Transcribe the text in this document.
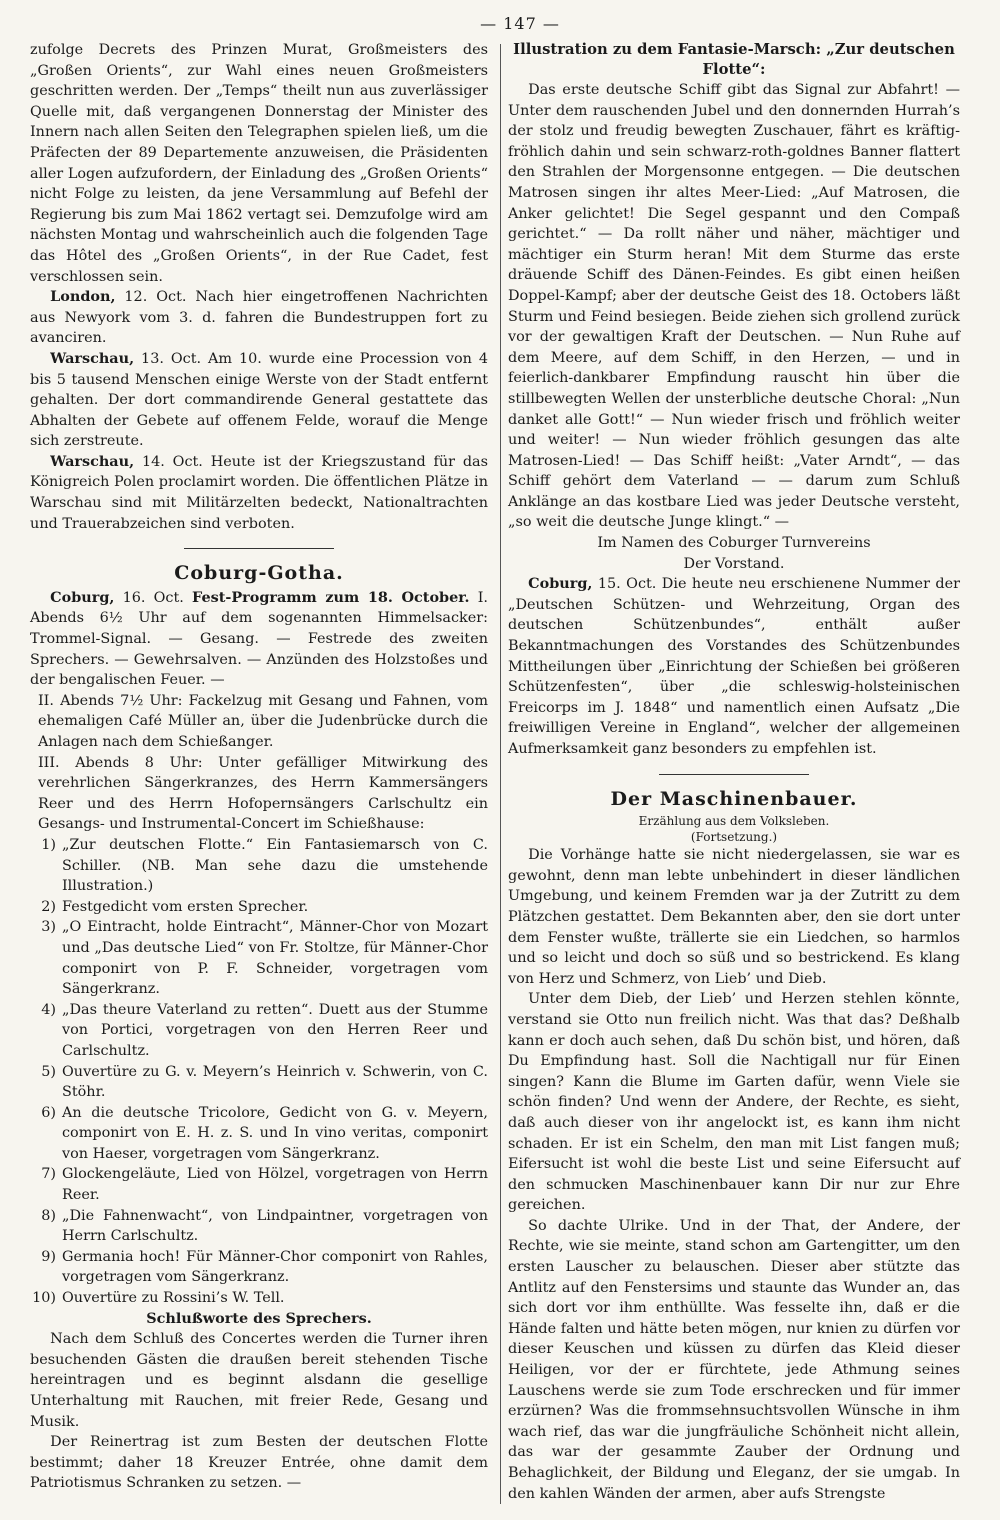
— 147 —

zufolge Decrets des Prinzen Murat, Großmeisters des „Großen Orients“, zur Wahl eines neuen Großmeisters geschritten werden. Der „Temps“ theilt nun aus zuverlässiger Quelle mit, daß vergangenen Donnerstag der Minister des Innern nach allen Seiten den Telegraphen spielen ließ, um die Präfecten der 89 Departemente anzuweisen, die Präsidenten aller Logen aufzufordern, der Einladung des „Großen Orients“ nicht Folge zu leisten, da jene Versammlung auf Befehl der Regierung bis zum Mai 1862 vertagt sei. Demzufolge wird am nächsten Montag und wahrscheinlich auch die folgenden Tage das Hôtel des „Großen Orients“, in der Rue Cadet, fest verschlossen sein.

London, 12. Oct. Nach hier eingetroffenen Nachrichten aus Newyork vom 3. d. fahren die Bundestruppen fort zu avanciren.

Warschau, 13. Oct. Am 10. wurde eine Procession von 4 bis 5 tausend Menschen einige Werste von der Stadt entfernt gehalten. Der dort commandirende General gestattete das Abhalten der Gebete auf offenem Felde, worauf die Menge sich zerstreute.

Warschau, 14. Oct. Heute ist der Kriegszustand für das Königreich Polen proclamirt worden. Die öffentlichen Plätze in Warschau sind mit Militärzelten bedeckt, Nationaltrachten und Trauerabzeichen sind verboten.

Coburg-Gotha.

Coburg, 16. Oct. Fest-Programm zum 18. October. I. Abends 6½ Uhr auf dem sogenannten Himmelsacker: Trommel-Signal. — Gesang. — Festrede des zweiten Sprechers. — Gewehrsalven. — Anzünden des Holzstoßes und der bengalischen Feuer. —

II. Abends 7½ Uhr: Fackelzug mit Gesang und Fahnen, vom ehemaligen Café Müller an, über die Judenbrücke durch die Anlagen nach dem Schießanger.

III. Abends 8 Uhr: Unter gefälliger Mitwirkung des verehrlichen Sängerkranzes, des Herrn Kammersängers Reer und des Herrn Hofopernsängers Carlschultz ein Gesangs- und Instrumental-Concert im Schießhause:

1) „Zur deutschen Flotte.“ Ein Fantasiemarsch von C. Schiller. (NB. Man sehe dazu die umstehende Illustration.)
2) Festgedicht vom ersten Sprecher.
3) „O Eintracht, holde Eintracht“, Männer-Chor von Mozart und „Das deutsche Lied“ von Fr. Stoltze, für Männer-Chor componirt von P. F. Schneider, vorgetragen vom Sängerkranz.
4) „Das theure Vaterland zu retten“. Duett aus der Stumme von Portici, vorgetragen von den Herren Reer und Carlschultz.
5) Ouvertüre zu G. v. Meyern’s Heinrich v. Schwerin, von C. Stöhr.
6) An die deutsche Tricolore, Gedicht von G. v. Meyern, componirt von E. H. z. S. und In vino veritas, componirt von Haeser, vorgetragen vom Sängerkranz.
7) Glockengeläute, Lied von Hölzel, vorgetragen von Herrn Reer.
8) „Die Fahnenwacht“, von Lindpaintner, vorgetragen von Herrn Carlschultz.
9) Germania hoch! Für Männer-Chor componirt von Rahles, vorgetragen vom Sängerkranz.
10) Ouvertüre zu Rossini’s W. Tell.

Schlußworte des Sprechers.

Nach dem Schluß des Concertes werden die Turner ihren besuchenden Gästen die draußen bereit stehenden Tische hereintragen und es beginnt alsdann die gesellige Unterhaltung mit Rauchen, mit freier Rede, Gesang und Musik.

Der Reinertrag ist zum Besten der deutschen Flotte bestimmt; daher 18 Kreuzer Entrée, ohne damit dem Patriotismus Schranken zu setzen. —

Illustration zu dem Fantasie-Marsch: „Zur deutschen Flotte“:

Das erste deutsche Schiff gibt das Signal zur Abfahrt! — Unter dem rauschenden Jubel und den donnernden Hurrah’s der stolz und freudig bewegten Zuschauer, fährt es kräftig-fröhlich dahin und sein schwarz-roth-goldnes Banner flattert den Strahlen der Morgensonne entgegen. — Die deutschen Matrosen singen ihr altes Meer-Lied: „Auf Matrosen, die Anker gelichtet! Die Segel gespannt und den Compaß gerichtet.“ — Da rollt näher und näher, mächtiger und mächtiger ein Sturm heran! Mit dem Sturme das erste dräuende Schiff des Dänen-Feindes. Es gibt einen heißen Doppel-Kampf; aber der deutsche Geist des 18. Octobers läßt Sturm und Feind besiegen. Beide ziehen sich grollend zurück vor der gewaltigen Kraft der Deutschen. — Nun Ruhe auf dem Meere, auf dem Schiff, in den Herzen, — und in feierlich-dankbarer Empfindung rauscht hin über die stillbewegten Wellen der unsterbliche deutsche Choral: „Nun danket alle Gott!“ — Nun wieder frisch und fröhlich weiter und weiter! — Nun wieder fröhlich gesungen das alte Matrosen-Lied! — Das Schiff heißt: „Vater Arndt“, — das Schiff gehört dem Vaterland — — darum zum Schluß Anklänge an das kostbare Lied was jeder Deutsche versteht, „so weit die deutsche Junge klingt.“ —

Im Namen des Coburger Turnvereins

Der Vorstand.

Coburg, 15. Oct. Die heute neu erschienene Nummer der „Deutschen Schützen- und Wehrzeitung, Organ des deutschen Schützenbundes“, enthält außer Bekanntmachungen des Vorstandes des Schützenbundes Mittheilungen über „Einrichtung der Schießen bei größeren Schützenfesten“, über „die schleswig-holsteinischen Freicorps im J. 1848“ und namentlich einen Aufsatz „Die freiwilligen Vereine in England“, welcher der allgemeinen Aufmerksamkeit ganz besonders zu empfehlen ist.

Der Maschinenbauer.

Erzählung aus dem Volksleben.

(Fortsetzung.)

Die Vorhänge hatte sie nicht niedergelassen, sie war es gewohnt, denn man lebte unbehindert in dieser ländlichen Umgebung, und keinem Fremden war ja der Zutritt zu dem Plätzchen gestattet. Dem Bekannten aber, den sie dort unter dem Fenster wußte, trällerte sie ein Liedchen, so harmlos und so leicht und doch so süß und so bestrickend. Es klang von Herz und Schmerz, von Lieb’ und Dieb.

Unter dem Dieb, der Lieb’ und Herzen stehlen könnte, verstand sie Otto nun freilich nicht. Was that das? Deßhalb kann er doch auch sehen, daß Du schön bist, und hören, daß Du Empfindung hast. Soll die Nachtigall nur für Einen singen? Kann die Blume im Garten dafür, wenn Viele sie schön finden? Und wenn der Andere, der Rechte, es sieht, daß auch dieser von ihr angelockt ist, es kann ihm nicht schaden. Er ist ein Schelm, den man mit List fangen muß; Eifersucht ist wohl die beste List und seine Eifersucht auf den schmucken Maschinenbauer kann Dir nur zur Ehre gereichen.

So dachte Ulrike. Und in der That, der Andere, der Rechte, wie sie meinte, stand schon am Gartengitter, um den ersten Lauscher zu belauschen. Dieser aber stützte das Antlitz auf den Fenstersims und staunte das Wunder an, das sich dort vor ihm enthüllte. Was fesselte ihn, daß er die Hände falten und hätte beten mögen, nur knien zu dürfen vor dieser Keuschen und küssen zu dürfen das Kleid dieser Heiligen, vor der er fürchtete, jede Athmung seines Lauschens werde sie zum Tode erschrecken und für immer erzürnen? Was die frommsehnsuchtsvollen Wünsche in ihm wach rief, das war die jungfräuliche Schönheit nicht allein, das war der gesammte Zauber der Ordnung und Behaglichkeit, der Bildung und Eleganz, der sie umgab. In den kahlen Wänden der armen, aber aufs Strengste
